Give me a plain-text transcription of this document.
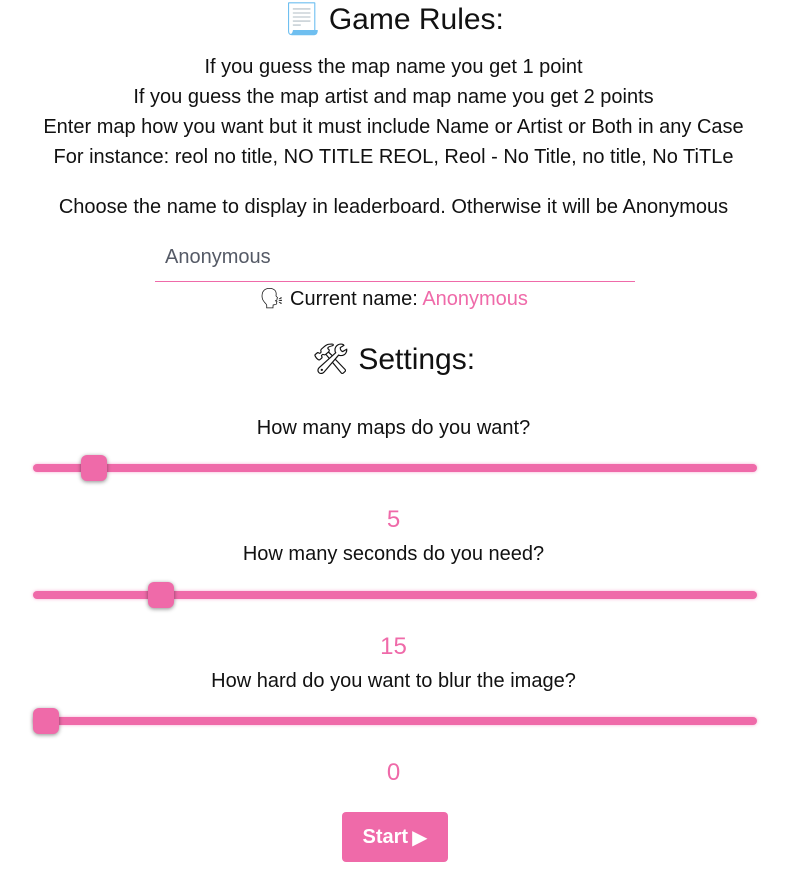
📃 Game Rules:
If you guess the map name you get 1 point
If you guess the map artist and map name you get 2 points
Enter map how you want but it must include Name or Artist or Both in any Case
For instance: reol no title, NO TITLE REOL, Reol - No Title, no title, No TiTLe
Choose the name to display in leaderboard. Otherwise it will be Anonymous
Anonymous
🗣 Current name: Anonymous
🛠 Settings:
How many maps do you want?
5
How many seconds do you need?
15
How hard do you want to blur the image?
0
Start ▶
